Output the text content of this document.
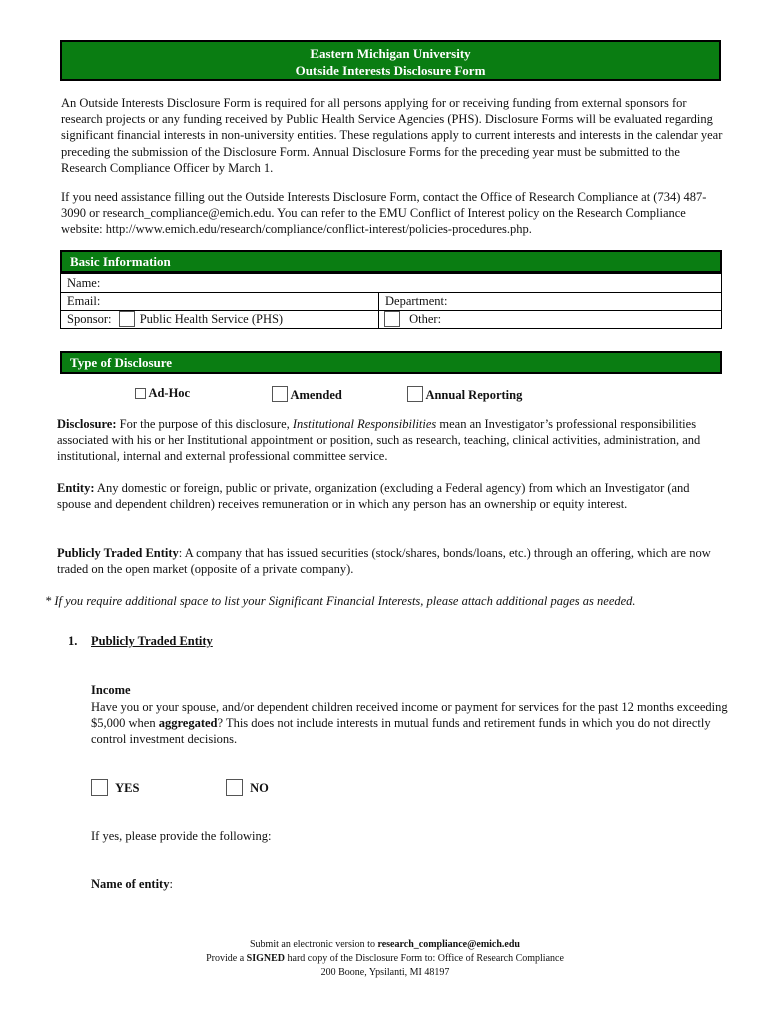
Eastern Michigan University
Outside Interests Disclosure Form
An Outside Interests Disclosure Form is required for all persons applying for or receiving funding from external sponsors for research projects or any funding received by Public Health Service Agencies (PHS). Disclosure Forms will be evaluated regarding significant financial interests in non-university entities. These regulations apply to current interests and interests in the calendar year preceding the submission of the Disclosure Form. Annual Disclosure Forms for the preceding year must be submitted to the Research Compliance Officer by March 1.
If you need assistance filling out the Outside Interests Disclosure Form, contact the Office of Research Compliance at (734) 487-3090 or research_compliance@emich.edu. You can refer to the EMU Conflict of Interest policy on the Research Compliance website: http://www.emich.edu/research/compliance/conflict-interest/policies-procedures.php.
Basic Information
Name:
Email:	Department:
Sponsor: Public Health Service (PHS)	Other:
Type of Disclosure
Ad-Hoc	Amended	Annual Reporting
Disclosure: For the purpose of this disclosure, Institutional Responsibilities mean an Investigator’s professional responsibilities associated with his or her Institutional appointment or position, such as research, teaching, clinical activities, administration, and institutional, internal and external professional committee service.
Entity: Any domestic or foreign, public or private, organization (excluding a Federal agency) from which an Investigator (and spouse and dependent children) receives remuneration or in which any person has an ownership or equity interest.
Publicly Traded Entity: A company that has issued securities (stock/shares, bonds/loans, etc.) through an offering, which are now traded on the open market (opposite of a private company).
* If you require additional space to list your Significant Financial Interests, please attach additional pages as needed.
1. Publicly Traded Entity
Income
Have you or your spouse, and/or dependent children received income or payment for services for the past 12 months exceeding $5,000 when aggregated? This does not include interests in mutual funds and retirement funds in which you do not directly control investment decisions.
YES	NO
If yes, please provide the following:
Name of entity:
Submit an electronic version to research_compliance@emich.edu
Provide a SIGNED hard copy of the Disclosure Form to: Office of Research Compliance
200 Boone, Ypsilanti, MI 48197
